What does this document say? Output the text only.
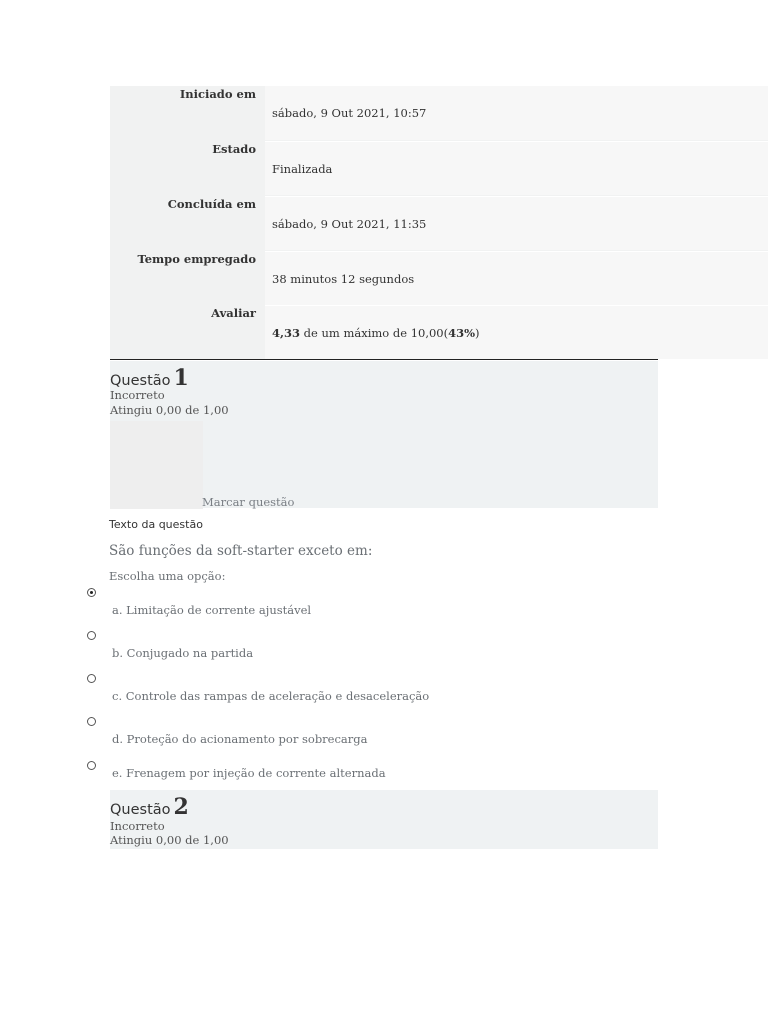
Iniciado em
sábado, 9 Out 2021, 10:57
Estado
Finalizada
Concluída em
sábado, 9 Out 2021, 11:35
Tempo empregado
38 minutos 12 segundos
Avaliar
4,33 de um máximo de 10,00(43%)
Questão 1
Incorreto
Atingiu 0,00 de 1,00
Marcar questão
Texto da questão
São funções da soft-starter exceto em:
Escolha uma opção:
a. Limitação de corrente ajustável
b. Conjugado na partida
c. Controle das rampas de aceleração e desaceleração
d. Proteção do acionamento por sobrecarga
e. Frenagem por injeção de corrente alternada
Questão 2
Incorreto
Atingiu 0,00 de 1,00
